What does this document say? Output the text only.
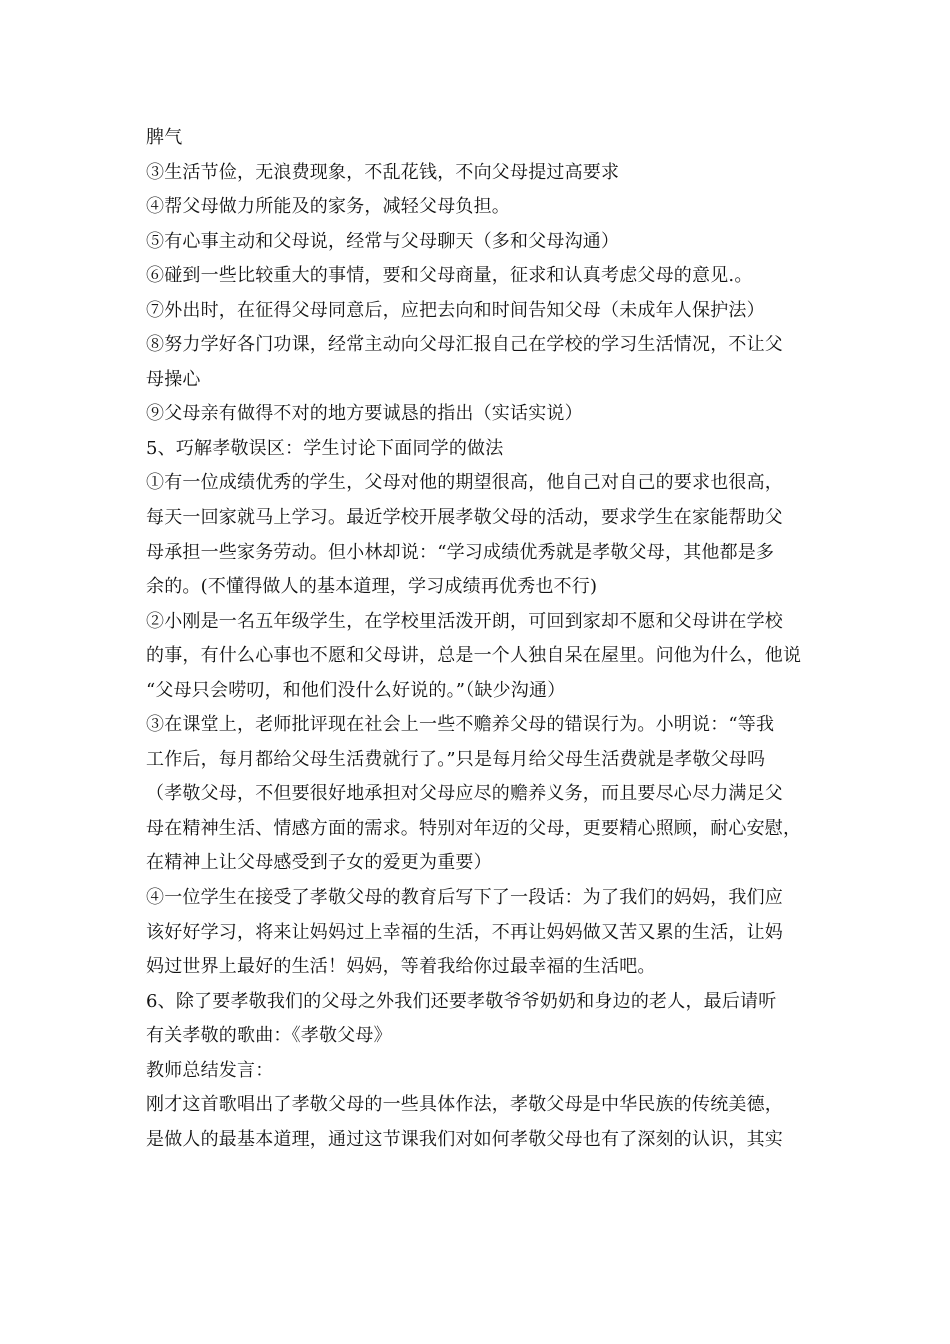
脾气
③生活节俭，无浪费现象，不乱花钱，不向父母提过高要求
④帮父母做力所能及的家务，减轻父母负担。
⑤有心事主动和父母说，经常与父母聊天（多和父母沟通）
⑥碰到一些比较重大的事情，要和父母商量，征求和认真考虑父母的意见.。
⑦外出时，在征得父母同意后，应把去向和时间告知父母（未成年人保护法）
⑧努力学好各门功课，经常主动向父母汇报自己在学校的学习生活情况，不让父
母操心
⑨父母亲有做得不对的地方要诚恳的指出（实话实说）
5、巧解孝敬误区：学生讨论下面同学的做法
①有一位成绩优秀的学生，父母对他的期望很高，他自己对自己的要求也很高，
每天一回家就马上学习。最近学校开展孝敬父母的活动，要求学生在家能帮助父
母承担一些家务劳动。但小林却说：“学习成绩优秀就是孝敬父母，其他都是多
余的。(不懂得做人的基本道理，学习成绩再优秀也不行)
②小刚是一名五年级学生，在学校里活泼开朗，可回到家却不愿和父母讲在学校
的事，有什么心事也不愿和父母讲，总是一个人独自呆在屋里。问他为什么，他说
“父母只会唠叨，和他们没什么好说的。”（缺少沟通）
③在课堂上，老师批评现在社会上一些不赡养父母的错误行为。小明说：“等我
工作后，每月都给父母生活费就行了。”只是每月给父母生活费就是孝敬父母吗
（孝敬父母，不但要很好地承担对父母应尽的赡养义务，而且要尽心尽力满足父
母在精神生活、情感方面的需求。特别对年迈的父母，更要精心照顾，耐心安慰，
在精神上让父母感受到子女的爱更为重要）
④一位学生在接受了孝敬父母的教育后写下了一段话：为了我们的妈妈，我们应
该好好学习，将来让妈妈过上幸福的生活，不再让妈妈做又苦又累的生活，让妈
妈过世界上最好的生活！妈妈，等着我给你过最幸福的生活吧。
6、除了要孝敬我们的父母之外我们还要孝敬爷爷奶奶和身边的老人，最后请听
有关孝敬的歌曲：《孝敬父母》
教师总结发言：
刚才这首歌唱出了孝敬父母的一些具体作法，孝敬父母是中华民族的传统美德，
是做人的最基本道理，通过这节课我们对如何孝敬父母也有了深刻的认识，其实
